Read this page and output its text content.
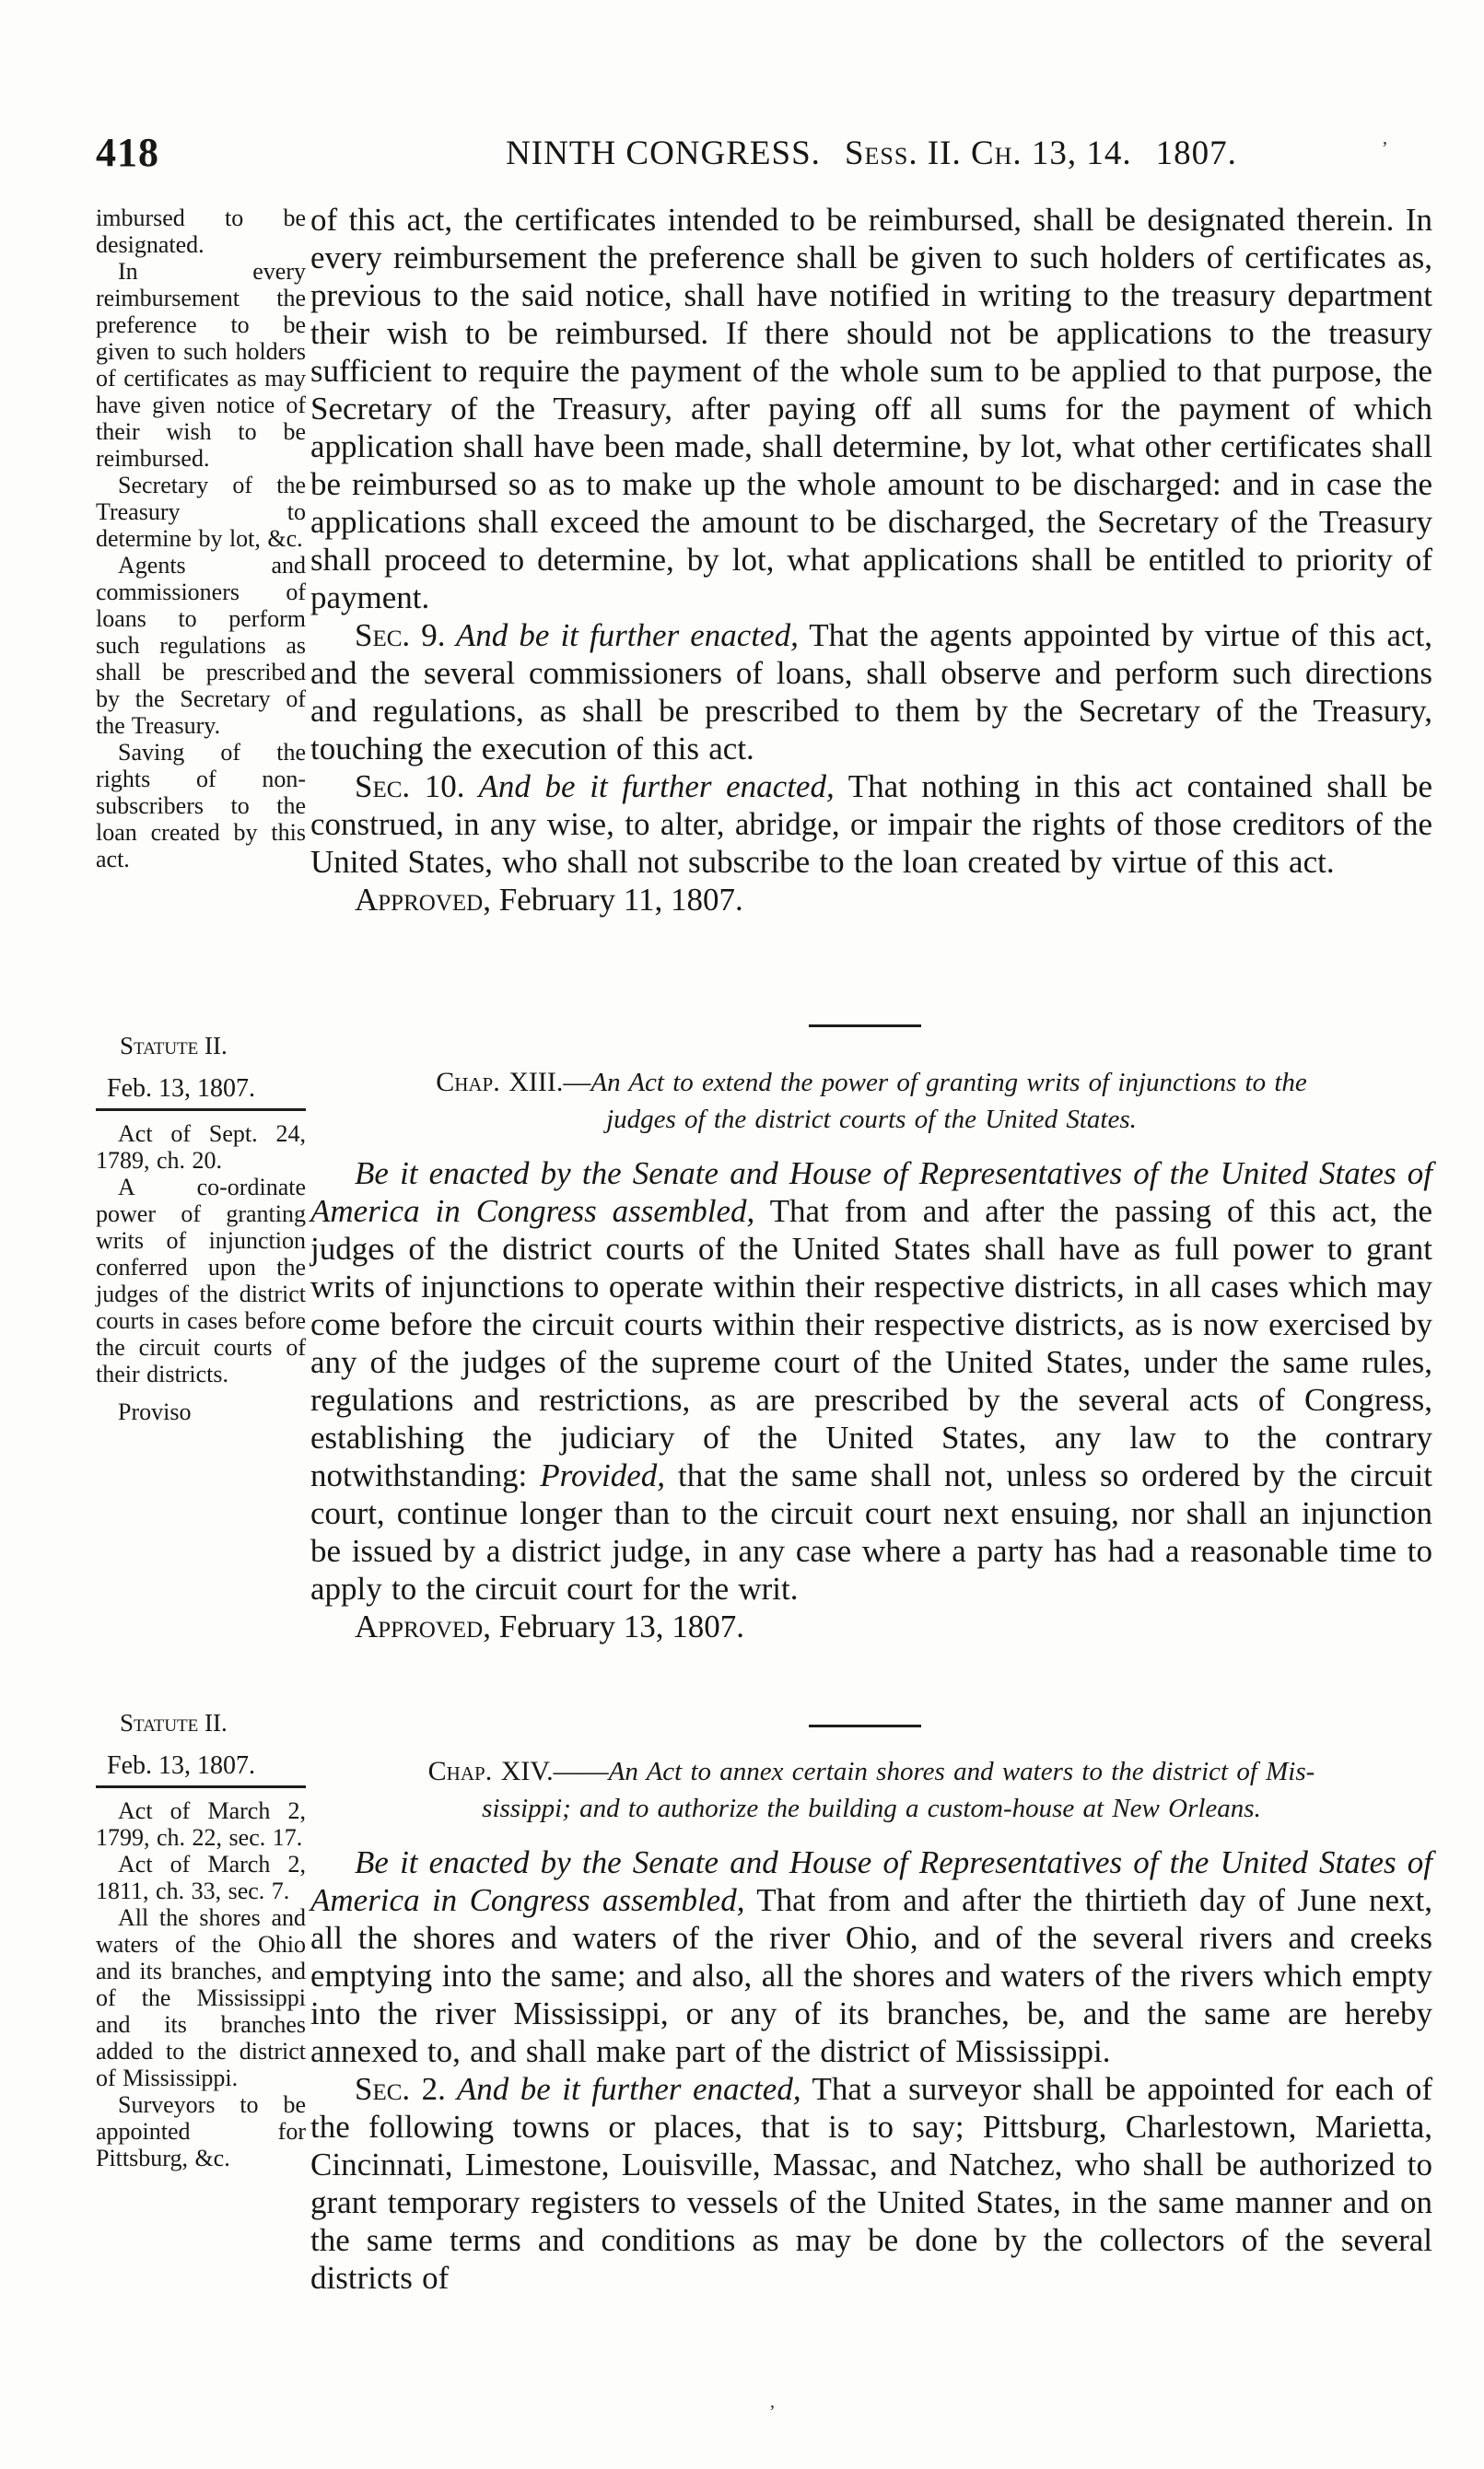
418	NINTH CONGRESS. Sess. II. Ch. 13, 14. 1807.	’

imbursed to be designated.

In every reimbursement the preference to be given to such holders of certificates as may have given notice of their wish to be reimbursed.

Secretary of the Treasury to determine by lot, &c.

Agents and commissioners of loans to perform such regulations as shall be prescribed by the Secretary of the Treasury.

Saving of the rights of non-subscribers to the loan created by this act.

of this act, the certificates intended to be reimbursed, shall be designated therein. In every reimbursement the preference shall be given to such holders of certificates as, previous to the said notice, shall have notified in writing to the treasury department their wish to be reimbursed. If there should not be applications to the treasury sufficient to require the payment of the whole sum to be applied to that purpose, the Secretary of the Treasury, after paying off all sums for the payment of which application shall have been made, shall determine, by lot, what other certificates shall be reimbursed so as to make up the whole amount to be discharged: and in case the applications shall exceed the amount to be discharged, the Secretary of the Treasury shall proceed to determine, by lot, what applications shall be entitled to priority of payment.

Sec. 9. And be it further enacted, That the agents appointed by virtue of this act, and the several commissioners of loans, shall observe and perform such directions and regulations, as shall be prescribed to them by the Secretary of the Treasury, touching the execution of this act.

Sec. 10. And be it further enacted, That nothing in this act contained shall be construed, in any wise, to alter, abridge, or impair the rights of those creditors of the United States, who shall not subscribe to the loan created by virtue of this act.

Approved, February 11, 1807.

Statute II.

Feb. 13, 1807.

Act of Sept. 24, 1789, ch. 20.

A co-ordinate power of granting writs of injunction conferred upon the judges of the district courts in cases before the circuit courts of their districts.

Proviso

Chap. XIII.—An Act to extend the power of granting writs of injunctions to the

judges of the district courts of the United States.

Be it enacted by the Senate and House of Representatives of the United States of America in Congress assembled, That from and after the passing of this act, the judges of the district courts of the United States shall have as full power to grant writs of injunctions to operate within their respective districts, in all cases which may come before the circuit courts within their respective districts, as is now exercised by any of the judges of the supreme court of the United States, under the same rules, regulations and restrictions, as are prescribed by the several acts of Congress, establishing the judiciary of the United States, any law to the contrary notwithstanding: Provided, that the same shall not, unless so ordered by the circuit court, continue longer than to the circuit court next ensuing, nor shall an injunction be issued by a district judge, in any case where a party has had a reasonable time to apply to the circuit court for the writ.

Approved, February 13, 1807.

Statute II.

Feb. 13, 1807.

Act of March 2, 1799, ch. 22, sec. 17.

Act of March 2, 1811, ch. 33, sec. 7.

All the shores and waters of the Ohio and its branches, and of the Mississippi and its branches added to the district of Mississippi.

Surveyors to be appointed for Pittsburg, &c.

Chap. XIV.——An Act to annex certain shores and waters to the district of Mis-

sissippi; and to authorize the building a custom-house at New Orleans.

Be it enacted by the Senate and House of Representatives of the United States of America in Congress assembled, That from and after the thirtieth day of June next, all the shores and waters of the river Ohio, and of the several rivers and creeks emptying into the same; and also, all the shores and waters of the rivers which empty into the river Mississippi, or any of its branches, be, and the same are hereby annexed to, and shall make part of the district of Mississippi.

Sec. 2. And be it further enacted, That a surveyor shall be appointed for each of the following towns or places, that is to say; Pittsburg, Charlestown, Marietta, Cincinnati, Limestone, Louisville, Massac, and Natchez, who shall be authorized to grant temporary registers to vessels of the United States, in the same manner and on the same terms and conditions as may be done by the collectors of the several districts of

,
